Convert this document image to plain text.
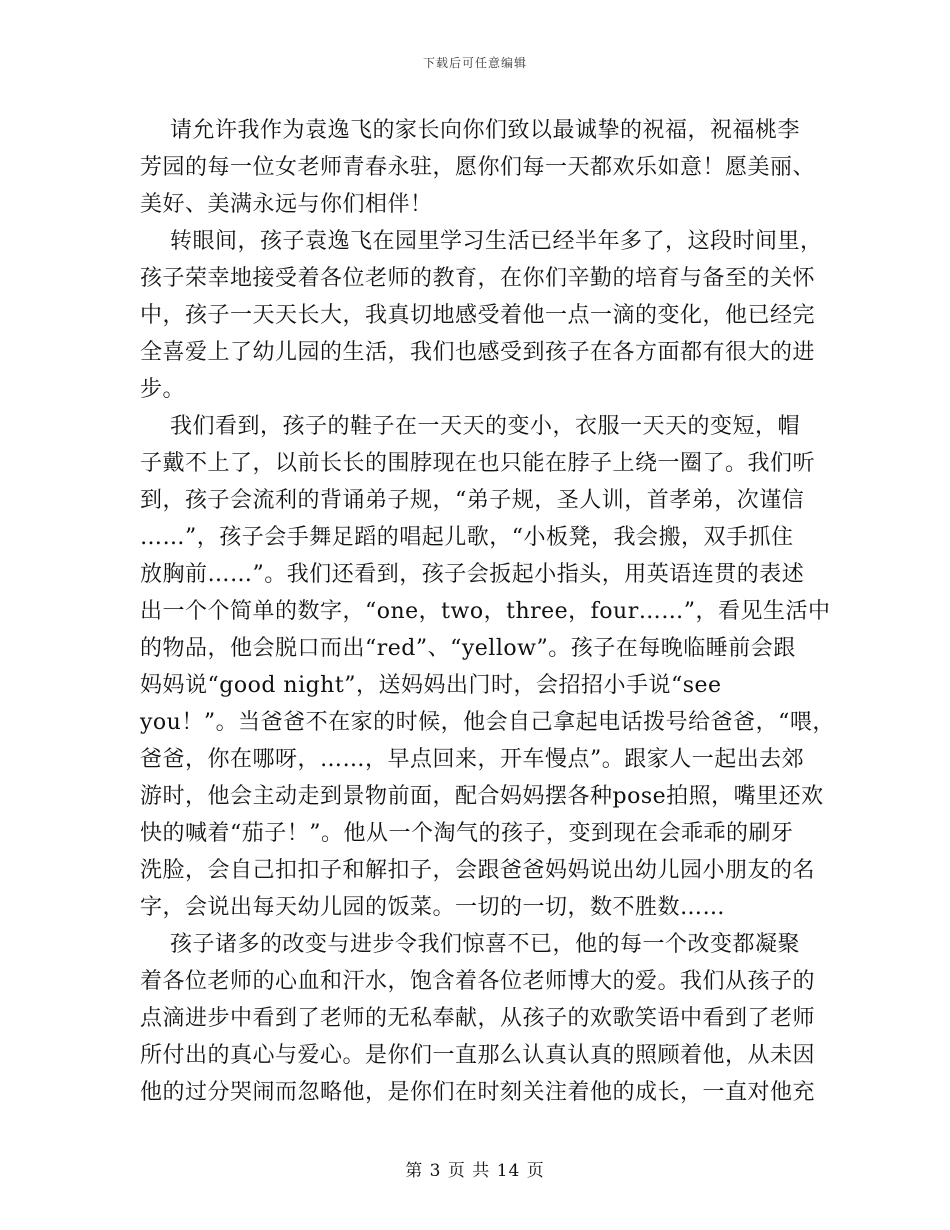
下载后可任意编辑

请允许我作为袁逸飞的家长向你们致以最诚挚的祝福，祝福桃李
芳园的每一位女老师青春永驻，愿你们每一天都欢乐如意！愿美丽、
美好、美满永远与你们相伴！

转眼间，孩子袁逸飞在园里学习生活已经半年多了，这段时间里，
孩子荣幸地接受着各位老师的教育，在你们辛勤的培育与备至的关怀
中，孩子一天天长大，我真切地感受着他一点一滴的变化，他已经完
全喜爱上了幼儿园的生活，我们也感受到孩子在各方面都有很大的进
步。

我们看到，孩子的鞋子在一天天的变小，衣服一天天的变短，帽
子戴不上了，以前长长的围脖现在也只能在脖子上绕一圈了。我们听
到，孩子会流利的背诵弟子规，“弟子规，圣人训，首孝弟，次谨信
……”，孩子会手舞足蹈的唱起儿歌，“小板凳，我会搬，双手抓住
放胸前……”。我们还看到，孩子会扳起小指头，用英语连贯的表述
出一个个简单的数字，“one，two，three，four……”，看见生活中
的物品，他会脱口而出“red”、“yellow”。孩子在每晚临睡前会跟
妈妈说“good night”，送妈妈出门时，会招招小手说“see
you！”。当爸爸不在家的时候，他会自己拿起电话拨号给爸爸，“喂，
爸爸，你在哪呀，……，早点回来，开车慢点”。跟家人一起出去郊
游时，他会主动走到景物前面，配合妈妈摆各种pose拍照，嘴里还欢
快的喊着“茄子！”。他从一个淘气的孩子，变到现在会乖乖的刷牙
洗脸，会自己扣扣子和解扣子，会跟爸爸妈妈说出幼儿园小朋友的名
字，会说出每天幼儿园的饭菜。一切的一切，数不胜数……

孩子诸多的改变与进步令我们惊喜不已，他的每一个改变都凝聚
着各位老师的心血和汗水，饱含着各位老师博大的爱。我们从孩子的
点滴进步中看到了老师的无私奉献，从孩子的欢歌笑语中看到了老师
所付出的真心与爱心。是你们一直那么认真认真的照顾着他，从未因
他的过分哭闹而忽略他，是你们在时刻关注着他的成长，一直对他充

第 3 页 共 14 页
